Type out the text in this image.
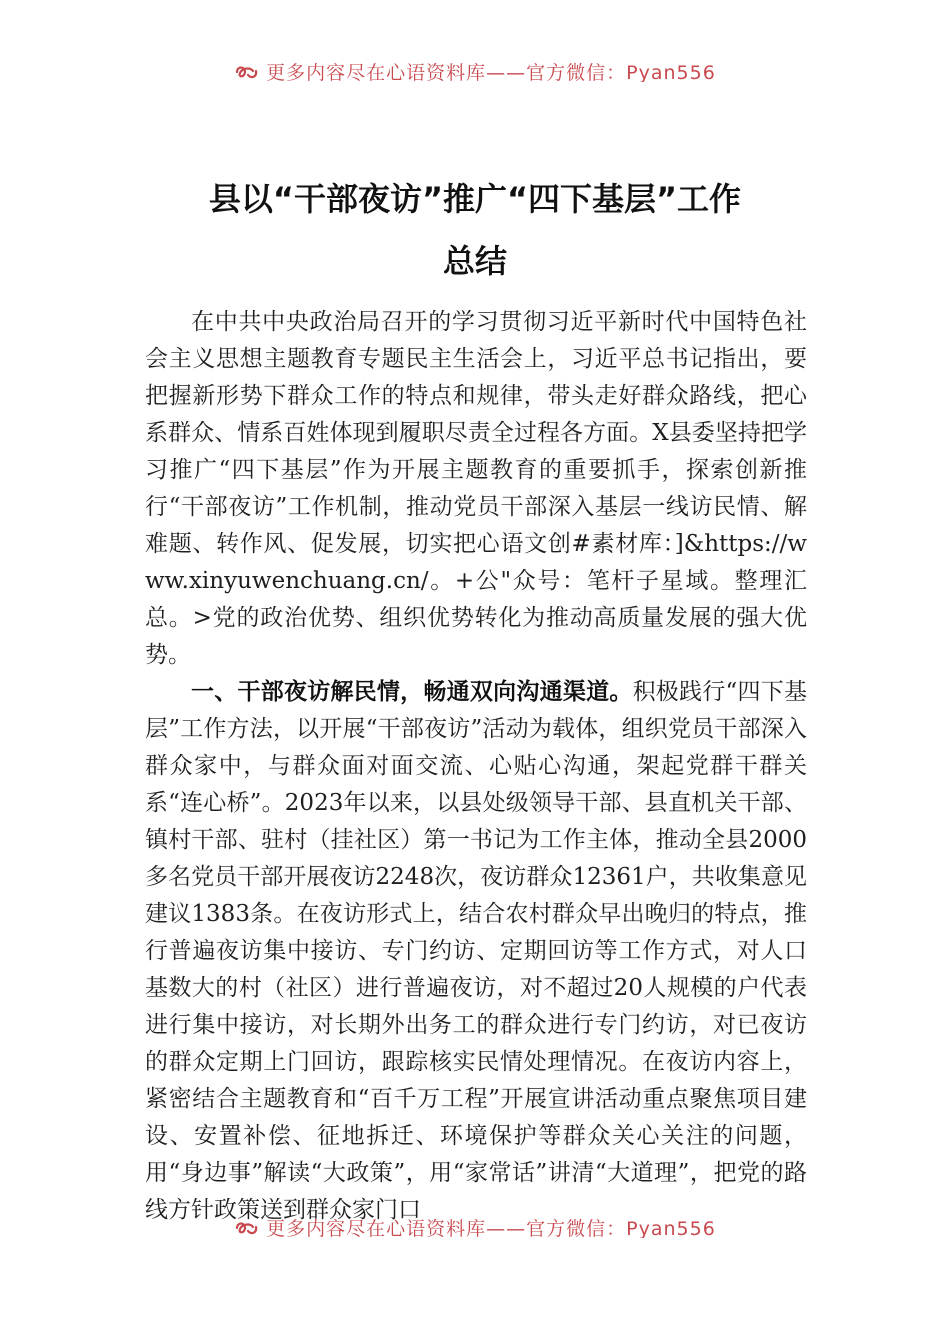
更多内容尽在心语资料库——官方微信：Pyan556
县以“干部夜访”推广“四下基层”工作
总结

在中共中央政治局召开的学习贯彻习近平新时代中国特色社会主义思想主题教育专题民主生活会上，习近平总书记指出，要把握新形势下群众工作的特点和规律，带头走好群众路线，把心系群众、情系百姓体现到履职尽责全过程各方面。X县委坚持把学习推广“四下基层”作为开展主题教育的重要抓手，探索创新推行“干部夜访”工作机制，推动党员干部深入基层一线访民情、解难题、转作风、促发展，切实把心语文创#素材库：]&https://www.xinyuwenchuang.cn/。+公"众号：笔杆子星域。整理汇总。>党的政治优势、组织优势转化为推动高质量发展的强大优势。

一、干部夜访解民情，畅通双向沟通渠道。积极践行“四下基层”工作方法，以开展“干部夜访”活动为载体，组织党员干部深入群众家中，与群众面对面交流、心贴心沟通，架起党群干群关系“连心桥”。2023年以来，以县处级领导干部、县直机关干部、镇村干部、驻村（挂社区）第一书记为工作主体，推动全县2000多名党员干部开展夜访2248次，夜访群众12361户，共收集意见建议1383条。在夜访形式上，结合农村群众早出晚归的特点，推行普遍夜访集中接访、专门约访、定期回访等工作方式，对人口基数大的村（社区）进行普遍夜访，对不超过20人规模的户代表进行集中接访，对长期外出务工的群众进行专门约访，对已夜访的群众定期上门回访，跟踪核实民情处理情况。在夜访内容上，紧密结合主题教育和“百千万工程”开展宣讲活动重点聚焦项目建设、安置补偿、征地拆迁、环境保护等群众关心关注的问题，用“身边事”解读“大政策”，用“家常话”讲清“大道理”，把党的路线方针政策送到群众家门口

更多内容尽在心语资料库——官方微信：Pyan556
